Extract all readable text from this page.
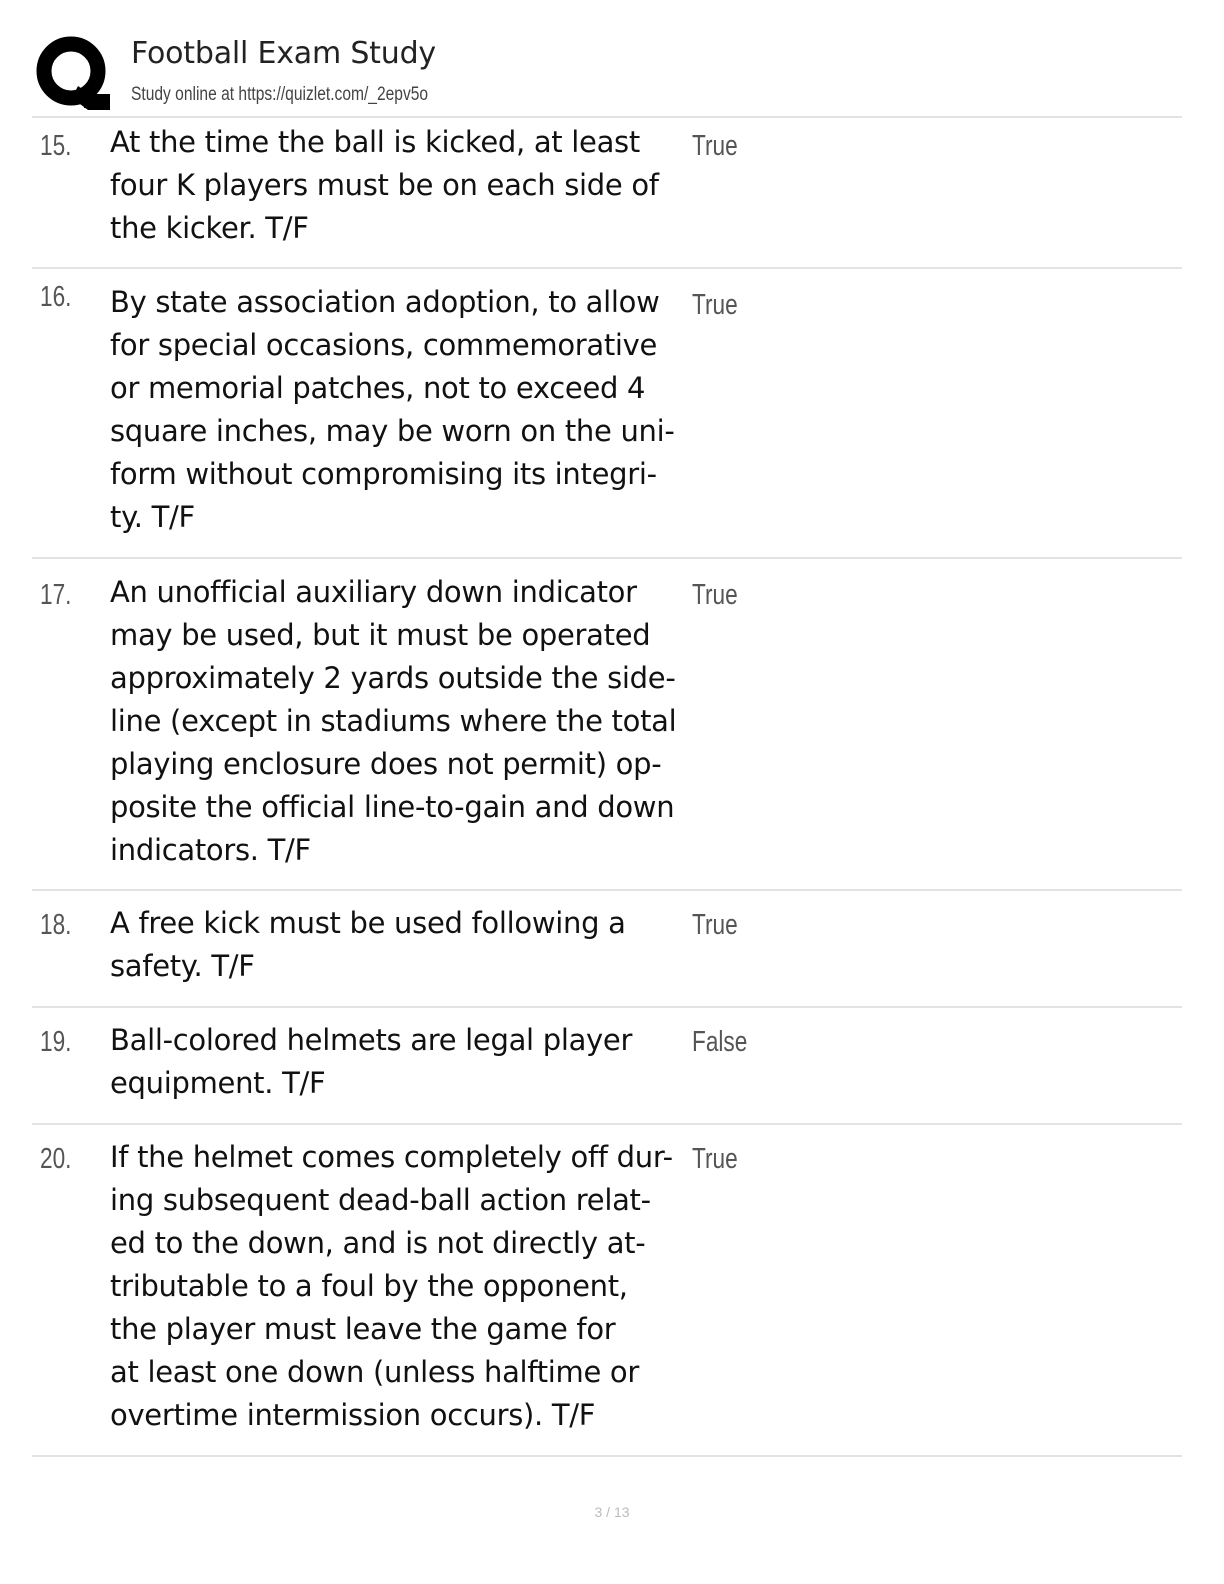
Football Exam Study
Study online at https://quizlet.com/_2epv5o
15. At the time the ball is kicked, at least
four K players must be on each side of
the kicker. T/F
True
16. By state association adoption, to allow
for special occasions, commemorative
or memorial patches, not to exceed 4
square inches, may be worn on the uni-
form without compromising its integri-
ty. T/F
True
17. An unofficial auxiliary down indicator
may be used, but it must be operated
approximately 2 yards outside the side-
line (except in stadiums where the total
playing enclosure does not permit) op-
posite the official line-to-gain and down
indicators. T/F
True
18. A free kick must be used following a
safety. T/F
True
19. Ball-colored helmets are legal player
equipment. T/F
False
20. If the helmet comes completely off dur-
ing subsequent dead-ball action relat-
ed to the down, and is not directly at-
tributable to a foul by the opponent,
the player must leave the game for
at least one down (unless halftime or
overtime intermission occurs). T/F
True
3 / 13
